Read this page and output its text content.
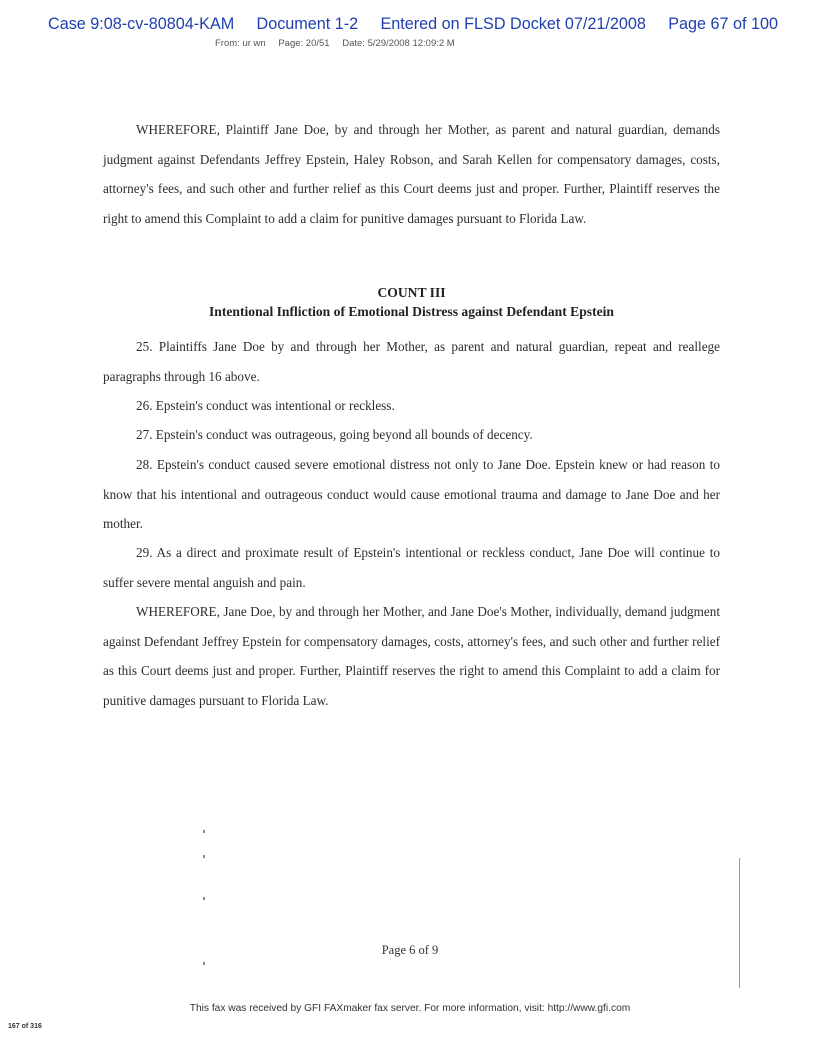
Case 9:08-cv-80804-KAM Document 1-2 Entered on FLSD Docket 07/21/2008 Page 67 of 100
From: ur wn Page: 20/51 Date: 5/29/2008 12:09:2 M

WHEREFORE, Plaintiff Jane Doe, by and through her Mother, as parent and natural guardian, demands judgment against Defendants Jeffrey Epstein, Haley Robson, and Sarah Kellen for compensatory damages, costs, attorney's fees, and such other and further relief as this Court deems just and proper. Further, Plaintiff reserves the right to amend this Complaint to add a claim for punitive damages pursuant to Florida Law.

COUNT III
Intentional Infliction of Emotional Distress against Defendant Epstein

25. Plaintiffs Jane Doe by and through her Mother, as parent and natural guardian, repeat and reallege paragraphs through 16 above.

26. Epstein's conduct was intentional or reckless.

27. Epstein's conduct was outrageous, going beyond all bounds of decency.

28. Epstein's conduct caused severe emotional distress not only to Jane Doe. Epstein knew or had reason to know that his intentional and outrageous conduct would cause emotional trauma and damage to Jane Doe and her mother.

29. As a direct and proximate result of Epstein's intentional or reckless conduct, Jane Doe will continue to suffer severe mental anguish and pain.

WHEREFORE, Jane Doe, by and through her Mother, and Jane Doe's Mother, individually, demand judgment against Defendant Jeffrey Epstein for compensatory damages, costs, attorney's fees, and such other and further relief as this Court deems just and proper. Further, Plaintiff reserves the right to amend this Complaint to add a claim for punitive damages pursuant to Florida Law.

Page 6 of 9
This fax was received by GFI FAXmaker fax server. For more information, visit: http://www.gfi.com
167 of 316
